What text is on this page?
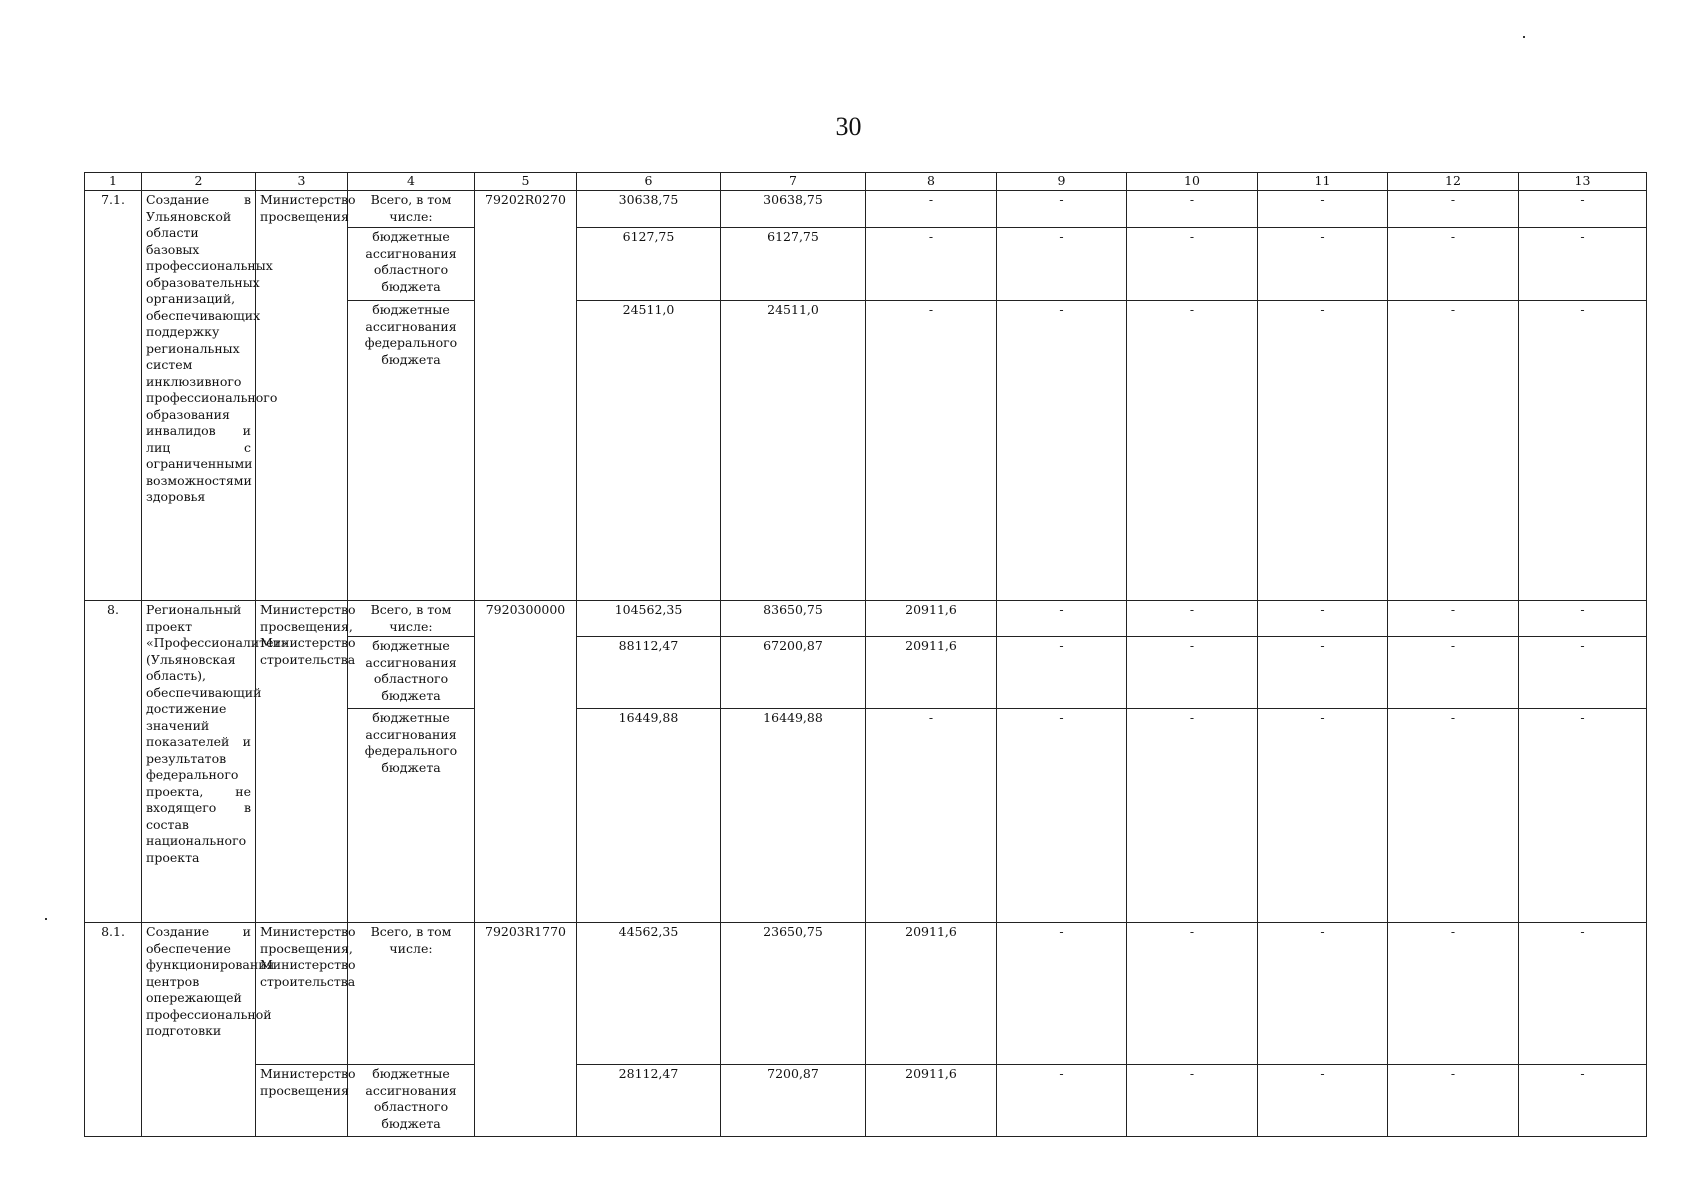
30
1	2	3	4	5	6	7	8	9	10	11	12	13
7.1.	Создание в Ульяновской области базовых профессиональных образовательных организаций, обеспечивающих поддержку региональных систем инклюзивного профессионального образования инвалидов и лиц с ограниченными возможностями здоровья	Министерство просвещения	Всего, в том числе:	79202R0270	30638,75	30638,75	-	-	-	-	-	-
			бюджетные ассигнования областного бюджета		6127,75	6127,75	-	-	-	-	-	-
			бюджетные ассигнования федерального бюджета		24511,0	24511,0	-	-	-	-	-	-
8.	Региональный проект «Профессионалитет» (Ульяновская область), обеспечивающий достижение значений показателей и результатов федерального проекта, не входящего в состав национального проекта	Министерство просвещения, Министерство строительства	Всего, в том числе:	7920300000	104562,35	83650,75	20911,6	-	-	-	-	-
			бюджетные ассигнования областного бюджета		88112,47	67200,87	20911,6	-	-	-	-	-
			бюджетные ассигнования федерального бюджета		16449,88	16449,88	-	-	-	-	-	-
8.1.	Создание и обеспечение функционирования центров опережающей профессиональной подготовки	Министерство просвещения, Министерство строительства	Всего, в том числе:	79203R1770	44562,35	23650,75	20911,6	-	-	-	-	-
		Министерство просвещения	бюджетные ассигнования областного бюджета		28112,47	7200,87	20911,6	-	-	-	-	-
